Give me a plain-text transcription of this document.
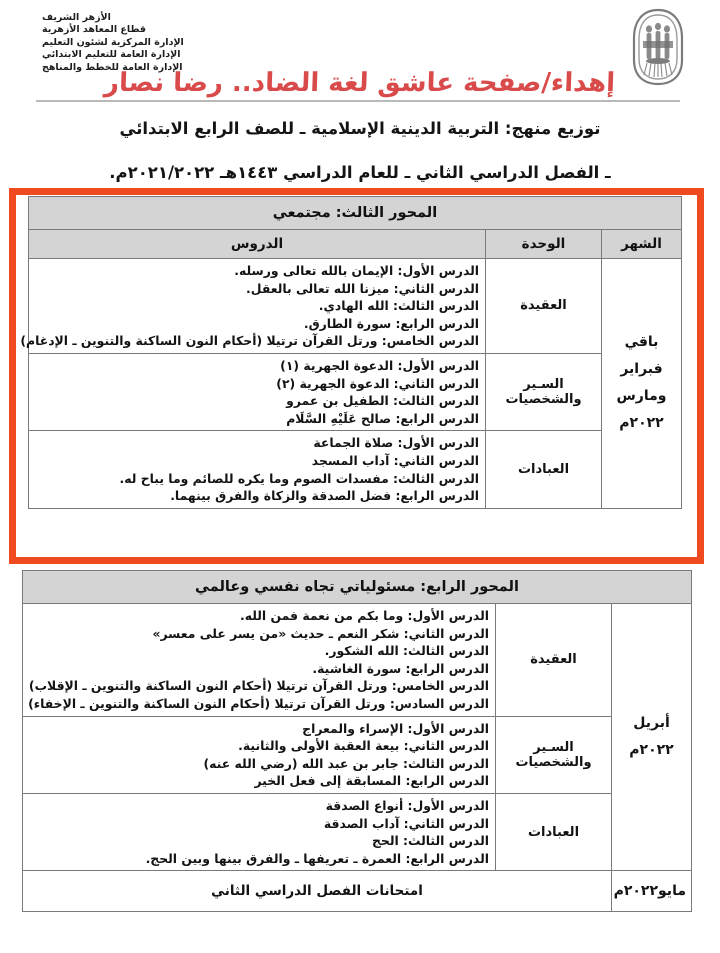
الأزهر الشريف
قطاع المعاهد الأزهرية
الإدارة المركزية لشئون التعليم
الإدارة العامة للتعليم الابتدائي
الإدارة العامة للخطط والمناهج
إهداء/صفحة عاشق لغة الضاد.. رضا نصار
توزيع منهج: التربية الدينية الإسلامية ـ للصف الرابع الابتدائي
ـ الفصل الدراسي الثاني ـ للعام الدراسي ١٤٤٣هـ ٢٠٢١/٢٠٢٢م.
المحور الثالث: مجتمعي		
الشهر	الوحدة	الدروس
باقي فبراير ومارس ٢٠٢٢م	العقيدة	الدرس الأول: الإيمان بالله تعالى ورسله.
الدرس الثاني: ميزنا الله تعالى بالعقل.
الدرس الثالث: الله الهادي.
الدرس الرابع: سورة الطارق.
الدرس الخامس: ورتل القرآن ترتيلا (أحكام النون الساكنة والتنوين ـ الإدغام)

	السـير والشخصيات	الدرس الأول: الدعوة الجهرية (١)
الدرس الثاني: الدعوة الجهرية (٢)
الدرس الثالث: الطفيل بن عمرو
الدرس الرابع: صالح عَلَيْهِ السَّلَام

	العبادات	الدرس الأول: صلاة الجماعة
الدرس الثاني: آداب المسجد
الدرس الثالث: مفسدات الصوم وما يكره للصائم وما يباح له.
الدرس الرابع: فضل الصدقة والزكاة والفرق بينهما.
المحور الرابع: مسئولياتي تجاه نفسي وعالمي		
أبريل ٢٠٢٢م	العقيدة	
الدرس الأول: وما بكم من نعمة فمن الله.
الدرس الثاني: شكر النعم ـ حديث «من يسر على معسر»
الدرس الثالث: الله الشكور.
الدرس الرابع: سورة الغاشية.
الدرس الخامس: ورتل القرآن ترتيلا (أحكام النون الساكنة والتنوين ـ الإقلاب)
الدرس السادس: ورتل القرآن ترتيلا (أحكام النون الساكنة والتنوين ـ الإخفاء)

	السـير والشخصيات	الدرس الأول: الإسراء والمعراج
الدرس الثاني: بيعة العقبة الأولى والثانية.
الدرس الثالث: جابر بن عبد الله (رضي الله عنه)
الدرس الرابع: المسابقة إلى فعل الخير

	العبادات	الدرس الأول: أنواع الصدقة
الدرس الثاني: آداب الصدقة
الدرس الثالث: الحج
الدرس الرابع: العمرة ـ تعريفها ـ والفرق بينها وبين الحج.

مايو٢٠٢٢م	امتحانات الفصل الدراسي الثاني	
